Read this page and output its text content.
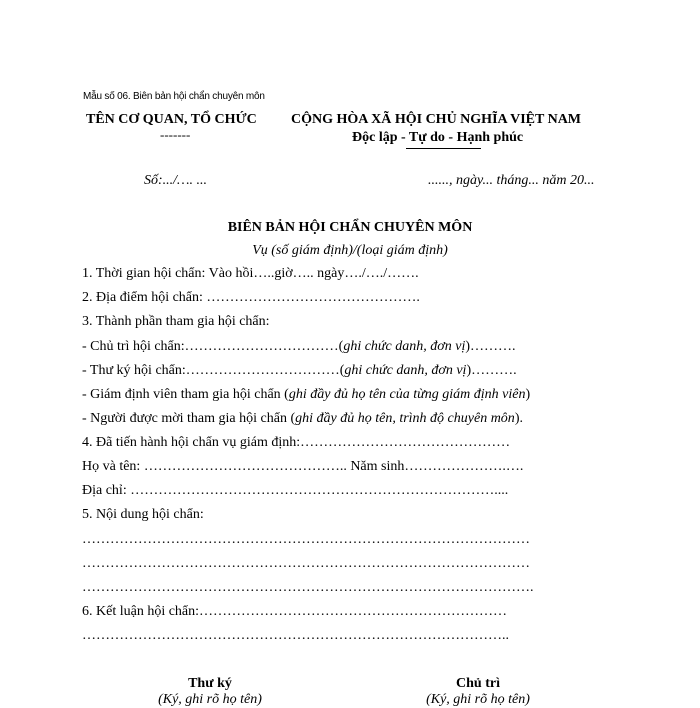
Mẫu số 06. Biên bản hội chẩn chuyên môn
TÊN CƠ QUAN, TỔ CHỨC
-------
CỘNG HÒA XÃ HỘI CHỦ NGHĨA VIỆT NAM
Độc lập - Tự do - Hạnh phúc
Số:.../…. ...	......, ngày... tháng... năm 20...
BIÊN BẢN HỘI CHẨN CHUYÊN MÔN
Vụ (số giám định)/(loại giám định)
1. Thời gian hội chẩn: Vào hồi…..giờ….. ngày…./…./…….
2. Địa điểm hội chẩn: ……………………………………….
3. Thành phần tham gia hội chẩn:
- Chủ trì hội chẩn:……………………………(ghi chức danh, đơn vị)……….
- Thư ký hội chẩn:……………………………(ghi chức danh, đơn vị)……….
- Giám định viên tham gia hội chẩn (ghi đầy đủ họ tên của từng giám định viên)
- Người được mời tham gia hội chẩn (ghi đầy đủ họ tên, trình độ chuyên môn).
4. Đã tiến hành hội chẩn vụ giám định:………………………………………
Họ và tên: …………………………………….. Năm sinh………………….….
Địa chỉ: ……………………………………………………………………....
5. Nội dung hội chẩn:
……………………………………………………………………………………
……………………………………………………………………………………
…………………………………………………………………………………….
6. Kết luận hội chẩn:…………………………………………………………
………………………………………………………………………………..
Thư ký
(Ký, ghi rõ họ tên)
Chủ trì
(Ký, ghi rõ họ tên)
